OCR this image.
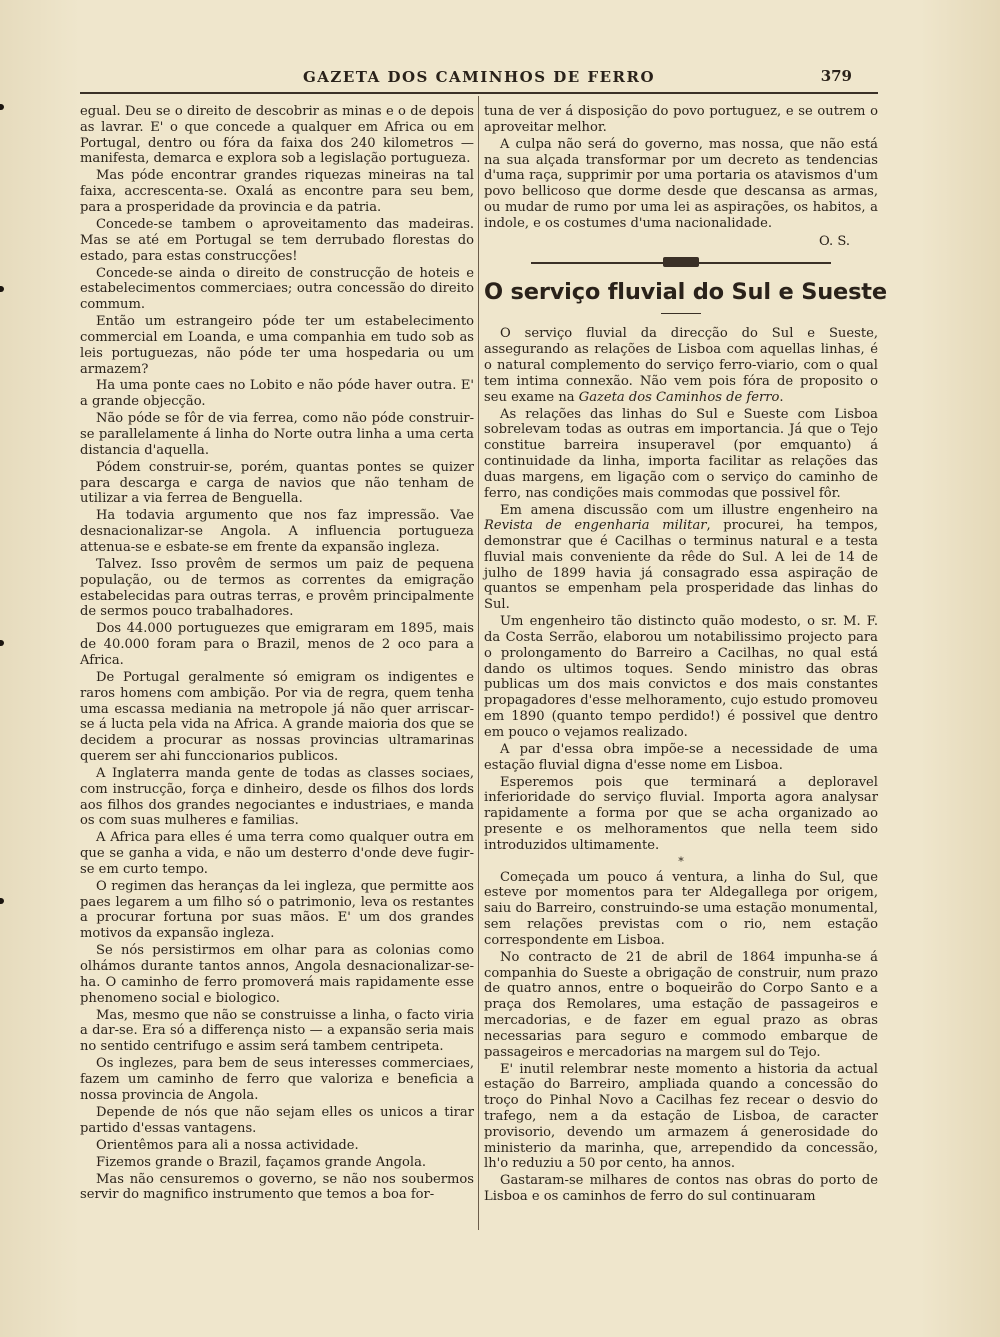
GAZETA DOS CAMINHOS DE FERRO	379

egual. Deu se o direito de descobrir as minas e o de depois as lavrar. E' o que concede a qualquer em Africa ou em Portugal, dentro ou fóra da faixa dos 240 kilometros — manifesta, demarca e explora sob a legislação portugueza.

Mas póde encontrar grandes riquezas mineiras na tal faixa, accrescenta-se. Oxalá as encontre para seu bem, para a prosperidade da provincia e da patria.

Concede-se tambem o aproveitamento das madeiras. Mas se até em Portugal se tem derrubado florestas do estado, para estas construcções!

Concede-se ainda o direito de construcção de hoteis e estabelecimentos commerciaes; outra concessão do direito commum.

Então um estrangeiro póde ter um estabelecimento commercial em Loanda, e uma companhia em tudo sob as leis portuguezas, não póde ter uma hospedaria ou um armazem?

Ha uma ponte caes no Lobito e não póde haver outra. E' a grande objecção.

Não póde se fôr de via ferrea, como não póde construir-se parallelamente á linha do Norte outra linha a uma certa distancia d'aquella.

Pódem construir-se, porém, quantas pontes se quizer para descarga e carga de navios que não tenham de utilizar a via ferrea de Benguella.

Ha todavia argumento que nos faz impressão. Vae desnacionalizar-se Angola. A influencia portugueza attenua-se e esbate-se em frente da expansão ingleza.

Talvez. Isso provêm de sermos um paiz de pequena população, ou de termos as correntes da emigração estabelecidas para outras terras, e provêm principalmente de sermos pouco trabalhadores.

Dos 44.000 portuguezes que emigraram em 1895, mais de 40.000 foram para o Brazil, menos de 2 oco para a Africa.

De Portugal geralmente só emigram os indigentes e raros homens com ambição. Por via de regra, quem tenha uma escassa mediania na metropole já não quer arriscar-se á lucta pela vida na Africa. A grande maioria dos que se decidem a procurar as nossas provincias ultramarinas querem ser ahi funccionarios publicos.

A Inglaterra manda gente de todas as classes sociaes, com instrucção, força e dinheiro, desde os filhos dos lords aos filhos dos grandes negociantes e industriaes, e manda os com suas mulheres e familias.

A Africa para elles é uma terra como qualquer outra em que se ganha a vida, e não um desterro d'onde deve fugir-se em curto tempo.

O regimen das heranças da lei ingleza, que permitte aos paes legarem a um filho só o patrimonio, leva os restantes a procurar fortuna por suas mãos. E' um dos grandes motivos da expansão ingleza.

Se nós persistirmos em olhar para as colonias como olhámos durante tantos annos, Angola desnacionalizar-se-ha. O caminho de ferro promoverá mais rapidamente esse phenomeno social e biologico.

Mas, mesmo que não se construisse a linha, o facto viria a dar-se. Era só a differença nisto — a expansão seria mais no sentido centrifugo e assim será tambem centripeta.

Os inglezes, para bem de seus interesses commerciaes, fazem um caminho de ferro que valoriza e beneficia a nossa provincia de Angola.

Depende de nós que não sejam elles os unicos a tirar partido d'essas vantagens.

Orientêmos para ali a nossa actividade.

Fizemos grande o Brazil, façamos grande Angola.

Mas não censuremos o governo, se não nos soubermos servir do magnifico instrumento que temos a boa for-

tuna de ver á disposição do povo portuguez, e se outrem o aproveitar melhor.

A culpa não será do governo, mas nossa, que não está na sua alçada transformar por um decreto as tendencias d'uma raça, supprimir por uma portaria os atavismos d'um povo bellicoso que dorme desde que descansa as armas, ou mudar de rumo por uma lei as aspirações, os habitos, a indole, e os costumes d'uma nacionalidade.

O. S.
O serviço fluvial do Sul e Sueste

O serviço fluvial da direcção do Sul e Sueste, assegurando as relações de Lisboa com aquellas linhas, é o natural complemento do serviço ferro-viario, com o qual tem intima connexão. Não vem pois fóra de proposito o seu exame na Gazeta dos Caminhos de ferro.

As relações das linhas do Sul e Sueste com Lisboa sobrelevam todas as outras em importancia. Já que o Tejo constitue barreira insuperavel (por emquanto) á continuidade da linha, importa facilitar as relações das duas margens, em ligação com o serviço do caminho de ferro, nas condições mais commodas que possivel fôr.

Em amena discussão com um illustre engenheiro na Revista de engenharia militar, procurei, ha tempos, demonstrar que é Cacilhas o terminus natural e a testa fluvial mais conveniente da rêde do Sul. A lei de 14 de julho de 1899 havia já consagrado essa aspiração de quantos se empenham pela prosperidade das linhas do Sul.

Um engenheiro tão distincto quão modesto, o sr. M. F. da Costa Serrão, elaborou um notabilissimo projecto para o prolongamento do Barreiro a Cacilhas, no qual está dando os ultimos toques. Sendo ministro das obras publicas um dos mais convictos e dos mais constantes propagadores d'esse melhoramento, cujo estudo promoveu em 1890 (quanto tempo perdido!) é possivel que dentro em pouco o vejamos realizado.

A par d'essa obra impõe-se a necessidade de uma estação fluvial digna d'esse nome em Lisboa.

Esperemos pois que terminará a deploravel inferioridade do serviço fluvial. Importa agora analysar rapidamente a forma por que se acha organizado ao presente e os melhoramentos que nella teem sido introduzidos ultimamente.

*

Começada um pouco á ventura, a linha do Sul, que esteve por momentos para ter Aldegallega por origem, saiu do Barreiro, construindo-se uma estação monumental, sem relações previstas com o rio, nem estação correspondente em Lisboa.

No contracto de 21 de abril de 1864 impunha-se á companhia do Sueste a obrigação de construir, num prazo de quatro annos, entre o boqueirão do Corpo Santo e a praça dos Remolares, uma estação de passageiros e mercadorias, e de fazer em egual prazo as obras necessarias para seguro e commodo embarque de passageiros e mercadorias na margem sul do Tejo.

E' inutil relembrar neste momento a historia da actual estação do Barreiro, ampliada quando a concessão do troço do Pinhal Novo a Cacilhas fez recear o desvio do trafego, nem a da estação de Lisboa, de caracter provisorio, devendo um armazem á generosidade do ministerio da marinha, que, arrependido da concessão, lh'o reduziu a 50 por cento, ha annos.

Gastaram-se milhares de contos nas obras do porto de Lisboa e os caminhos de ferro do sul continuaram
